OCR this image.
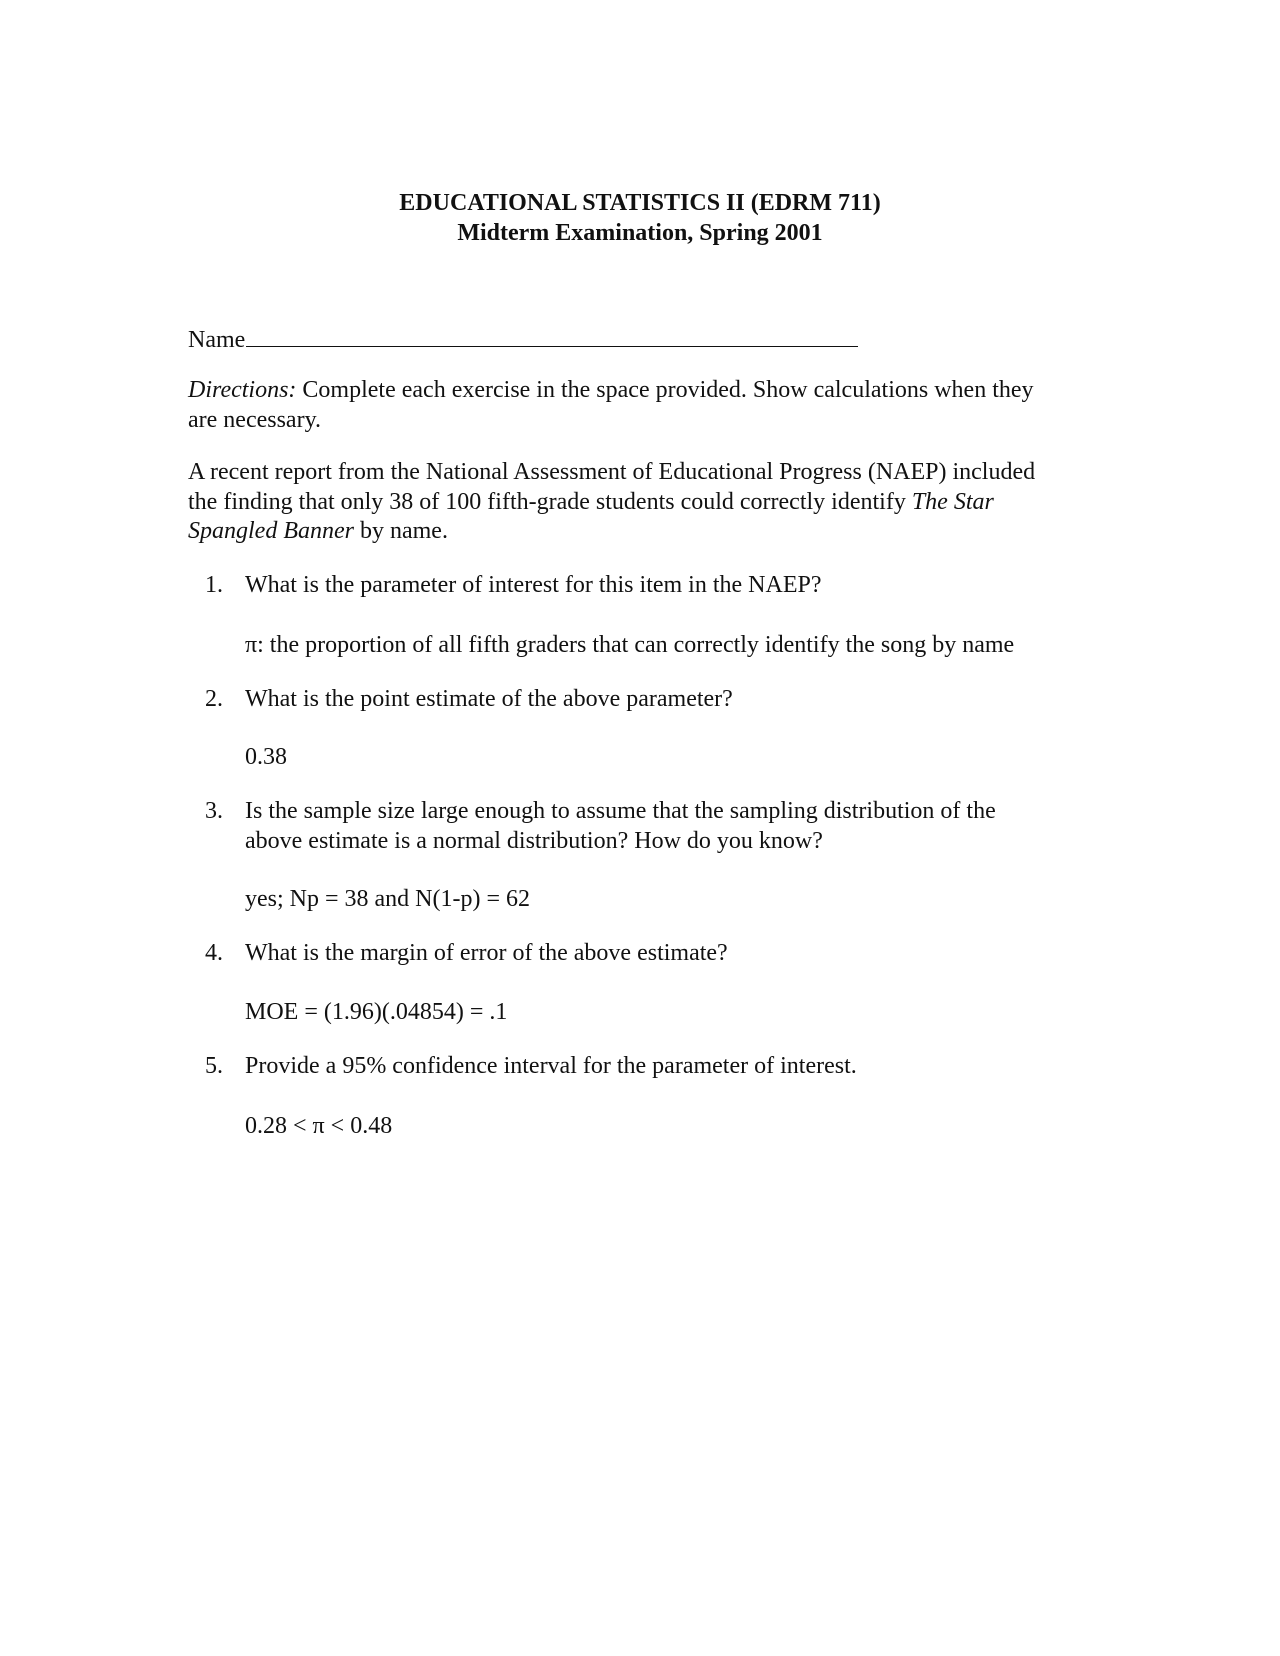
EDUCATIONAL STATISTICS II (EDRM 711)
Midterm Examination, Spring 2001
Name
Directions: Complete each exercise in the space provided. Show calculations when they
are necessary.
A recent report from the National Assessment of Educational Progress (NAEP) included
the finding that only 38 of 100 fifth-grade students could correctly identify The Star
Spangled Banner by name.
1. What is the parameter of interest for this item in the NAEP?
π: the proportion of all fifth graders that can correctly identify the song by name
2. What is the point estimate of the above parameter?
0.38
3. Is the sample size large enough to assume that the sampling distribution of the
above estimate is a normal distribution? How do you know?
yes; Np = 38 and N(1-p) = 62
4. What is the margin of error of the above estimate?
MOE = (1.96)(.04854) = .1
5. Provide a 95% confidence interval for the parameter of interest.
0.28 < π < 0.48
